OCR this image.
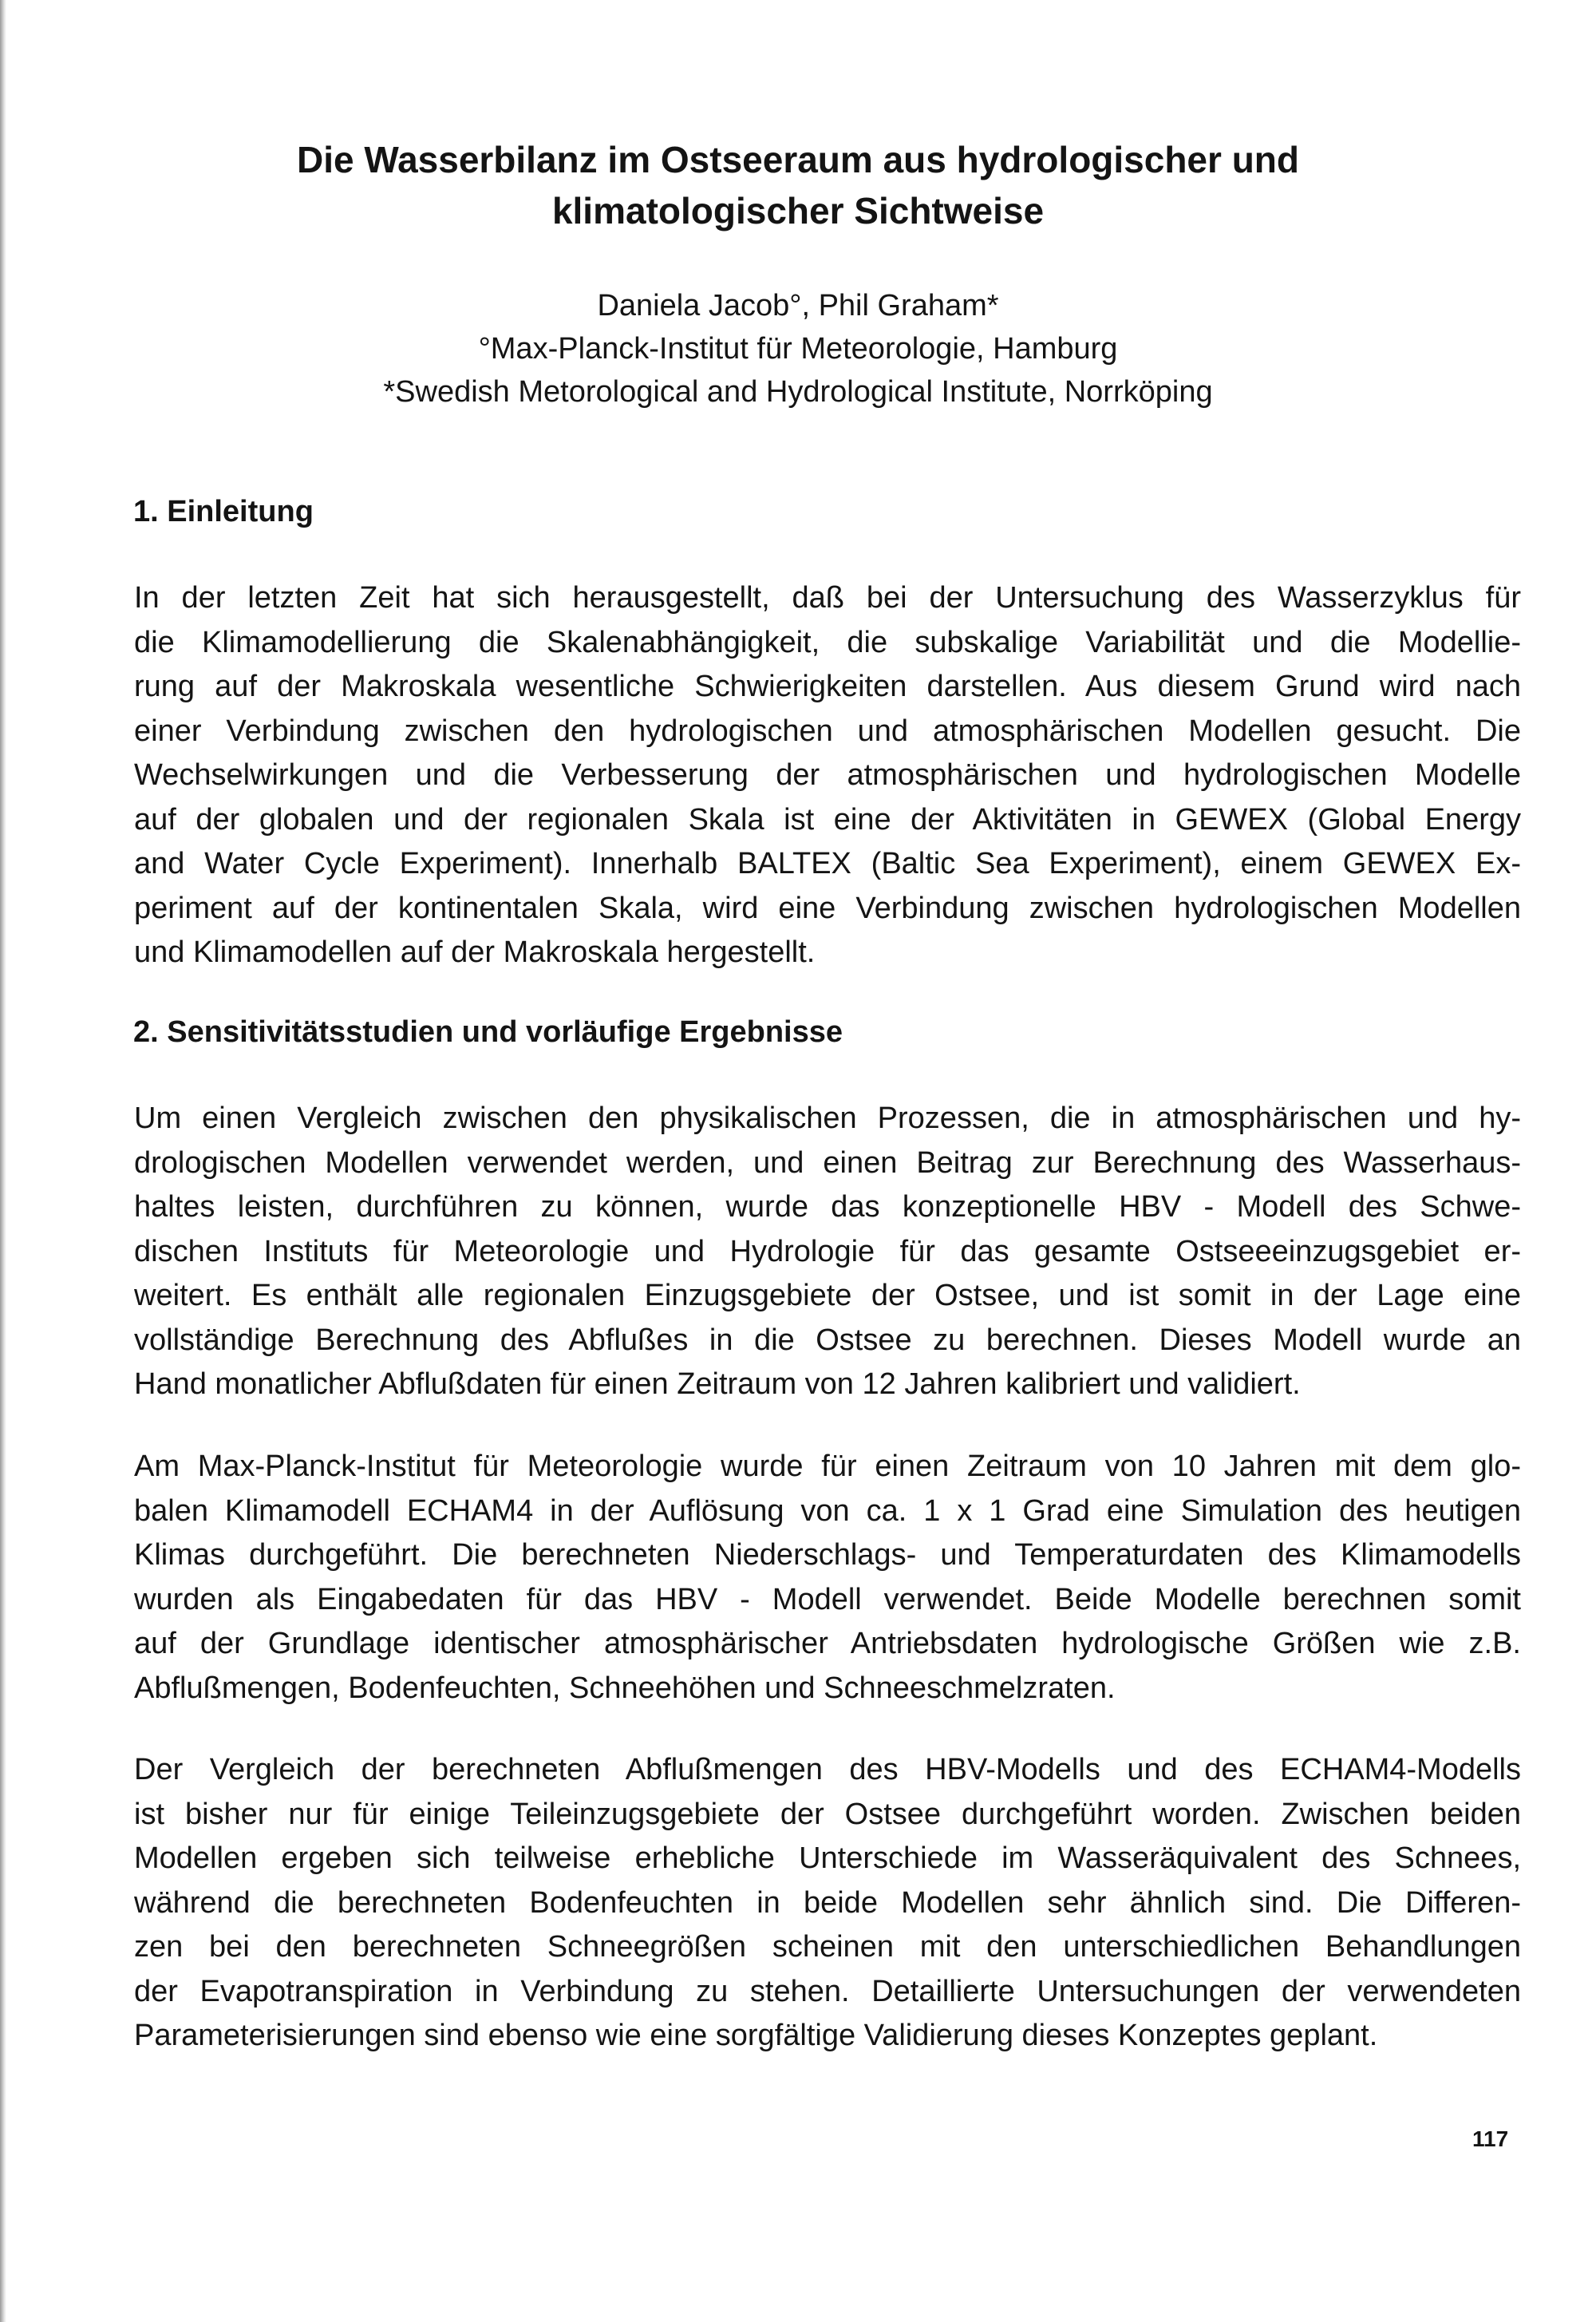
Die Wasserbilanz im Ostseeraum aus hydrologischer und
klimatologischer Sichtweise
Daniela Jacob°, Phil Graham*
°Max-Planck-Institut für Meteorologie, Hamburg
*Swedish Metorological and Hydrological Institute, Norrköping
1. Einleitung

In der letzten Zeit hat sich herausgestellt, daß bei der Untersuchung des Wasserzyklus für
die Klimamodellierung die Skalenabhängigkeit, die subskalige Variabilität und die Modellie-
rung auf der Makroskala wesentliche Schwierigkeiten darstellen. Aus diesem Grund wird nach
einer Verbindung zwischen den hydrologischen und atmosphärischen Modellen gesucht. Die
Wechselwirkungen und die Verbesserung der atmosphärischen und hydrologischen Modelle
auf der globalen und der regionalen Skala ist eine der Aktivitäten in GEWEX (Global Energy
and Water Cycle Experiment). Innerhalb BALTEX (Baltic Sea Experiment), einem GEWEX Ex-
periment auf der kontinentalen Skala, wird eine Verbindung zwischen hydrologischen Modellen
und Klimamodellen auf der Makroskala hergestellt.

2. Sensitivitätsstudien und vorläufige Ergebnisse

Um einen Vergleich zwischen den physikalischen Prozessen, die in atmosphärischen und hy-
drologischen Modellen verwendet werden, und einen Beitrag zur Berechnung des Wasserhaus-
haltes leisten, durchführen zu können, wurde das konzeptionelle HBV - Modell des Schwe-
dischen Instituts für Meteorologie und Hydrologie für das gesamte Ostseeeinzugsgebiet er-
weitert. Es enthält alle regionalen Einzugsgebiete der Ostsee, und ist somit in der Lage eine
vollständige Berechnung des Abflußes in die Ostsee zu berechnen. Dieses Modell wurde an
Hand monatlicher Abflußdaten für einen Zeitraum von 12 Jahren kalibriert und validiert.

Am Max-Planck-Institut für Meteorologie wurde für einen Zeitraum von 10 Jahren mit dem glo-
balen Klimamodell ECHAM4 in der Auflösung von ca. 1 x 1 Grad eine Simulation des heutigen
Klimas durchgeführt. Die berechneten Niederschlags- und Temperaturdaten des Klimamodells
wurden als Eingabedaten für das HBV - Modell verwendet. Beide Modelle berechnen somit
auf der Grundlage identischer atmosphärischer Antriebsdaten hydrologische Größen wie z.B.
Abflußmengen, Bodenfeuchten, Schneehöhen und Schneeschmelzraten.

Der Vergleich der berechneten Abflußmengen des HBV-Modells und des ECHAM4-Modells
ist bisher nur für einige Teileinzugsgebiete der Ostsee durchgeführt worden. Zwischen beiden
Modellen ergeben sich teilweise erhebliche Unterschiede im Wasseräquivalent des Schnees,
während die berechneten Bodenfeuchten in beide Modellen sehr ähnlich sind. Die Differen-
zen bei den berechneten Schneegrößen scheinen mit den unterschiedlichen Behandlungen
der Evapotranspiration in Verbindung zu stehen. Detaillierte Untersuchungen der verwendeten
Parameterisierungen sind ebenso wie eine sorgfältige Validierung dieses Konzeptes geplant.

117
